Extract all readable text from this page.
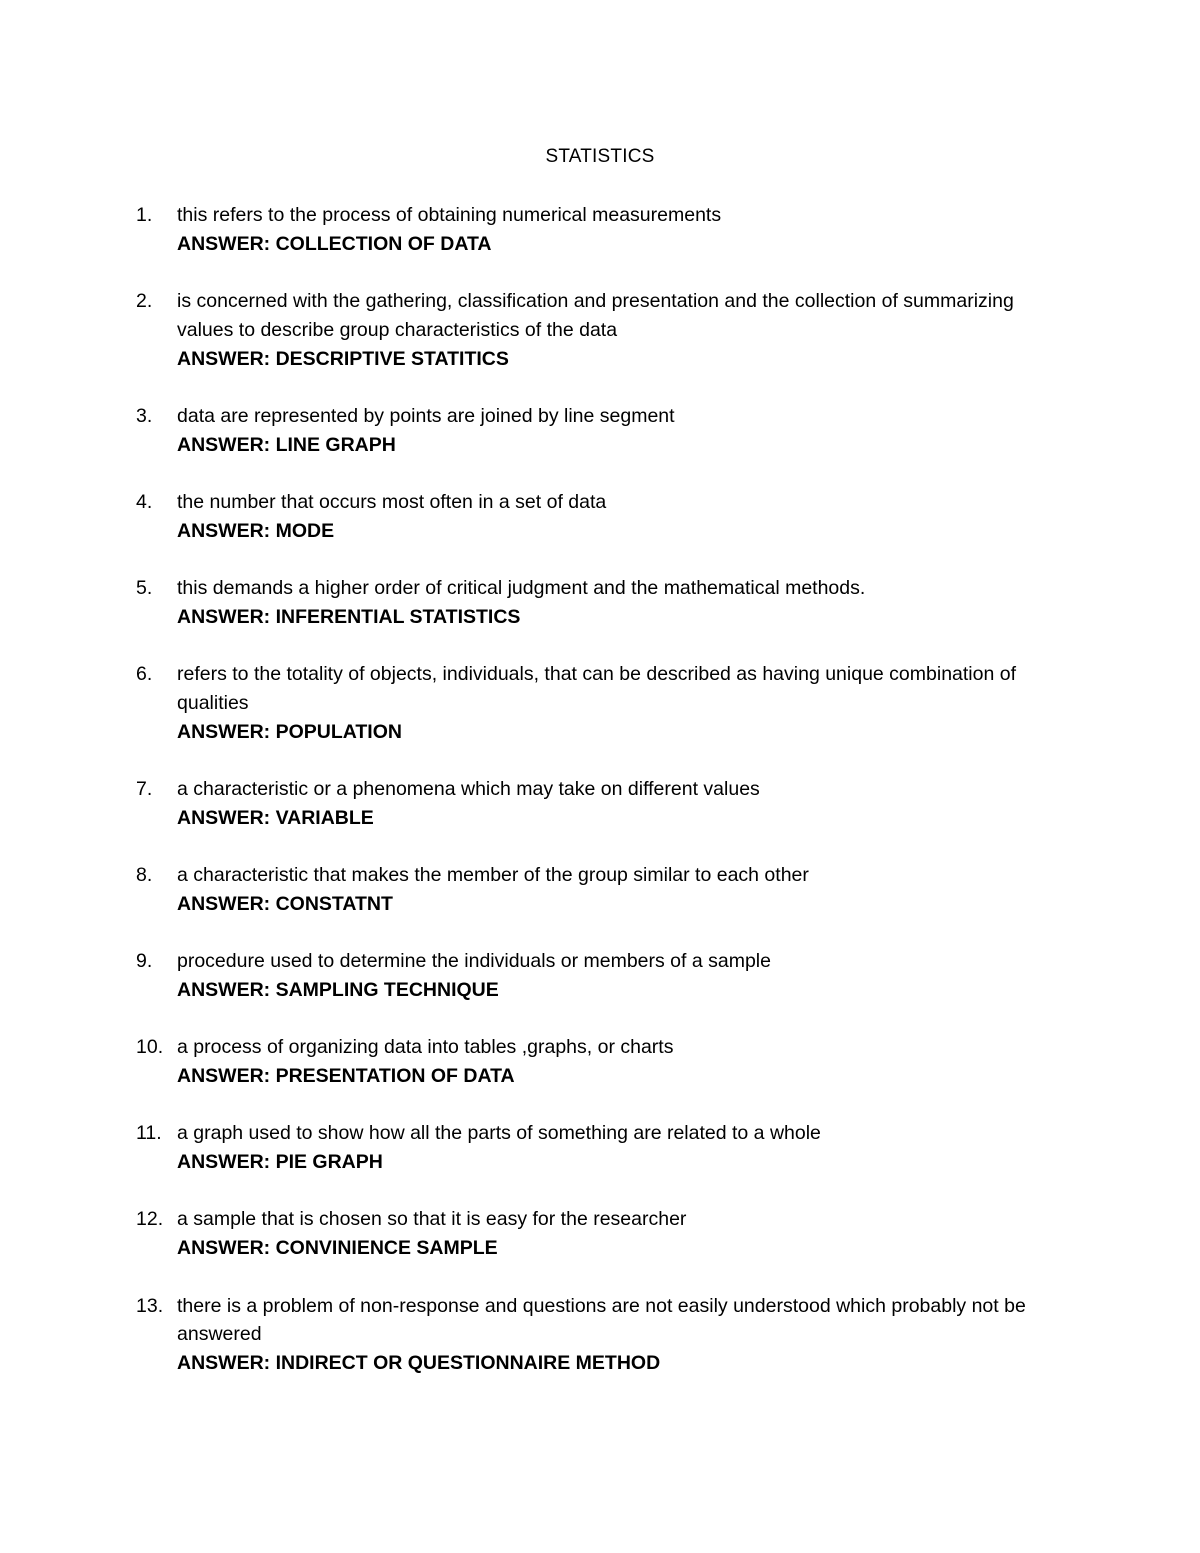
STATISTICS
1.	this refers to the process of obtaining numerical measurements
ANSWER: COLLECTION OF DATA
2.	is concerned with the gathering, classification and presentation and the collection of summarizing values to describe group characteristics of the data
ANSWER: DESCRIPTIVE STATITICS
3.	data are represented by points are joined by line segment
ANSWER: LINE GRAPH
4.	the number that occurs most often in a set of data
ANSWER: MODE
5.	this demands a higher order of critical judgment and the mathematical methods.
ANSWER: INFERENTIAL STATISTICS
6.	refers to the totality of objects, individuals, that can be described as having unique combination of qualities
ANSWER: POPULATION
7.	a characteristic or a phenomena which may take on different values
ANSWER: VARIABLE
8.	a characteristic that makes the member of the group similar to each other
ANSWER: CONSTATNT
9.	procedure used to determine the individuals or members of a sample
ANSWER: SAMPLING TECHNIQUE
10. a process of organizing data into tables ,graphs, or charts
ANSWER: PRESENTATION OF DATA
11. a graph used to show how all the parts of something are related to a whole
ANSWER: PIE GRAPH
12. a sample that is chosen so that it is easy for the researcher
ANSWER: CONVINIENCE SAMPLE
13. there is a problem of non-response and questions are not easily understood which probably not be answered
ANSWER: INDIRECT OR QUESTIONNAIRE METHOD
